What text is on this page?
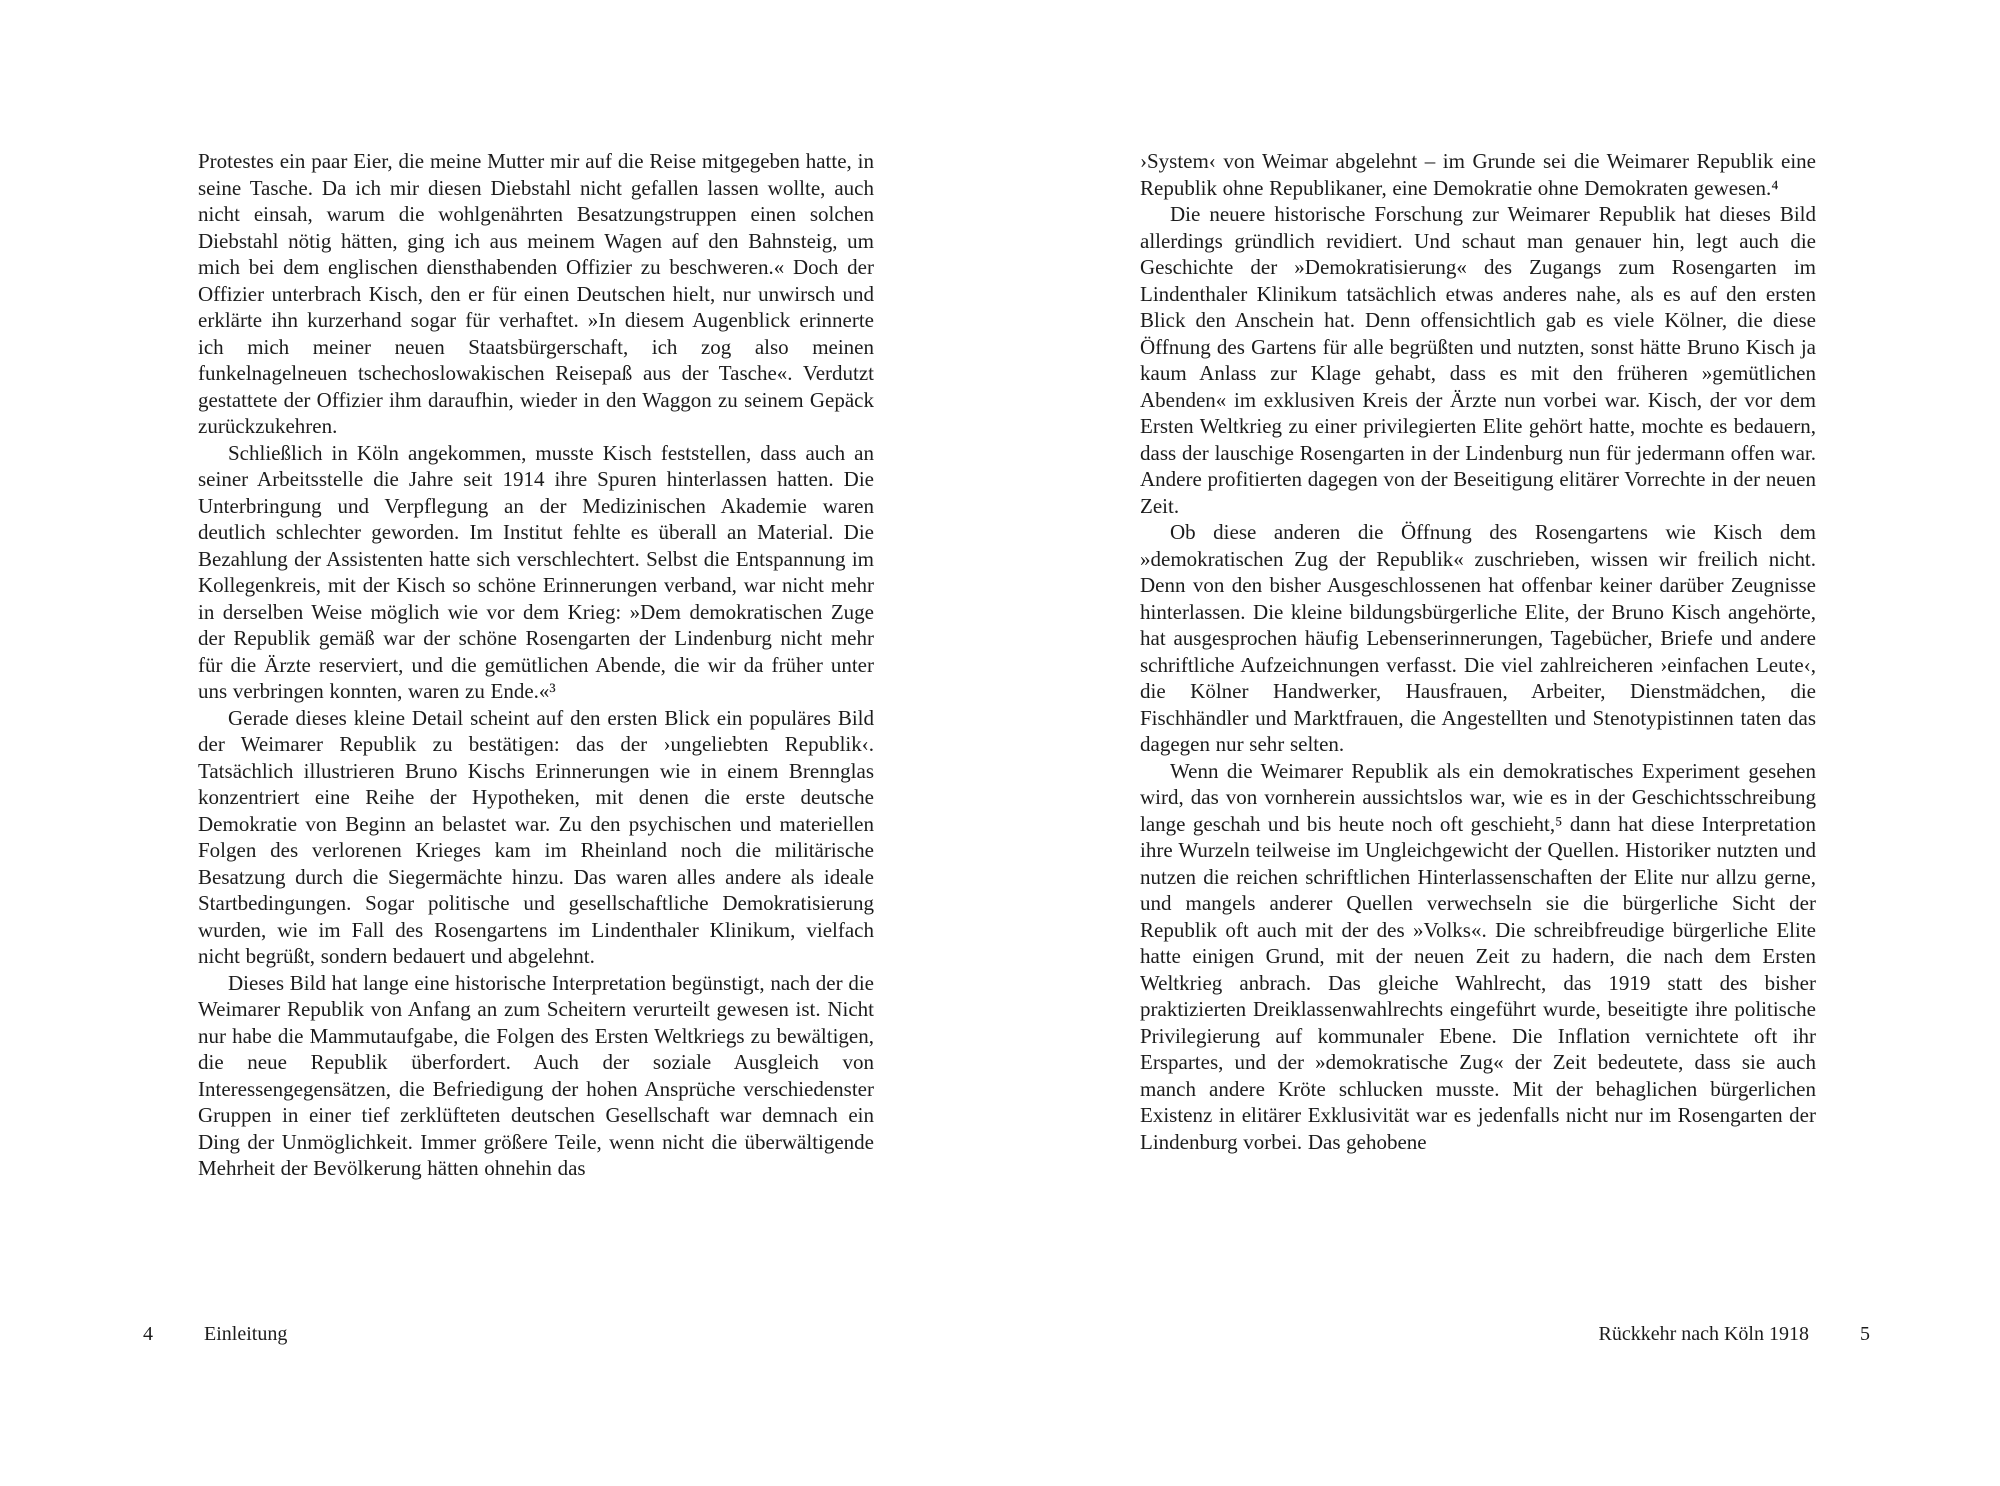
Protestes ein paar Eier, die meine Mutter mir auf die Reise mitgegeben hatte, in seine Tasche. Da ich mir diesen Diebstahl nicht gefallen lassen wollte, auch nicht einsah, warum die wohlgenährten Besatzungstruppen einen solchen Diebstahl nötig hätten, ging ich aus meinem Wagen auf den Bahnsteig, um mich bei dem englischen diensthabenden Offizier zu beschweren.« Doch der Offizier unterbrach Kisch, den er für einen Deutschen hielt, nur unwirsch und erklärte ihn kurzerhand sogar für verhaftet. »In diesem Augenblick erinnerte ich mich meiner neuen Staatsbürgerschaft, ich zog also meinen funkelnagelneuen tschechoslowakischen Reisepaß aus der Tasche«. Verdutzt gestattete der Offizier ihm daraufhin, wieder in den Waggon zu seinem Gepäck zurückzukehren.

Schließlich in Köln angekommen, musste Kisch feststellen, dass auch an seiner Arbeitsstelle die Jahre seit 1914 ihre Spuren hinterlassen hatten. Die Unterbringung und Verpflegung an der Medizinischen Akademie waren deutlich schlechter geworden. Im Institut fehlte es überall an Material. Die Bezahlung der Assistenten hatte sich verschlechtert. Selbst die Entspannung im Kollegenkreis, mit der Kisch so schöne Erinnerungen verband, war nicht mehr in derselben Weise möglich wie vor dem Krieg: »Dem demokratischen Zuge der Republik gemäß war der schöne Rosengarten der Lindenburg nicht mehr für die Ärzte reserviert, und die gemütlichen Abende, die wir da früher unter uns verbringen konnten, waren zu Ende.«³

Gerade dieses kleine Detail scheint auf den ersten Blick ein populäres Bild der Weimarer Republik zu bestätigen: das der ›ungeliebten Republik‹. Tatsächlich illustrieren Bruno Kischs Erinnerungen wie in einem Brennglas konzentriert eine Reihe der Hypotheken, mit denen die erste deutsche Demokratie von Beginn an belastet war. Zu den psychischen und materiellen Folgen des verlorenen Krieges kam im Rheinland noch die militärische Besatzung durch die Siegermächte hinzu. Das waren alles andere als ideale Startbedingungen. Sogar politische und gesellschaftliche Demokratisierung wurden, wie im Fall des Rosengartens im Lindenthaler Klinikum, vielfach nicht begrüßt, sondern bedauert und abgelehnt.

Dieses Bild hat lange eine historische Interpretation begünstigt, nach der die Weimarer Republik von Anfang an zum Scheitern verurteilt gewesen ist. Nicht nur habe die Mammutaufgabe, die Folgen des Ersten Weltkriegs zu bewältigen, die neue Republik überfordert. Auch der soziale Ausgleich von Interessengegensätzen, die Befriedigung der hohen Ansprüche verschiedenster Gruppen in einer tief zerklüfteten deutschen Gesellschaft war demnach ein Ding der Unmöglichkeit. Immer größere Teile, wenn nicht die überwältigende Mehrheit der Bevölkerung hätten ohnehin das

4	Einleitung

›System‹ von Weimar abgelehnt – im Grunde sei die Weimarer Republik eine Republik ohne Republikaner, eine Demokratie ohne Demokraten gewesen.⁴

Die neuere historische Forschung zur Weimarer Republik hat dieses Bild allerdings gründlich revidiert. Und schaut man genauer hin, legt auch die Geschichte der »Demokratisierung« des Zugangs zum Rosengarten im Lindenthaler Klinikum tatsächlich etwas anderes nahe, als es auf den ersten Blick den Anschein hat. Denn offensichtlich gab es viele Kölner, die diese Öffnung des Gartens für alle begrüßten und nutzten, sonst hätte Bruno Kisch ja kaum Anlass zur Klage gehabt, dass es mit den früheren »gemütlichen Abenden« im exklusiven Kreis der Ärzte nun vorbei war. Kisch, der vor dem Ersten Weltkrieg zu einer privilegierten Elite gehört hatte, mochte es bedauern, dass der lauschige Rosengarten in der Lindenburg nun für jedermann offen war. Andere profitierten dagegen von der Beseitigung elitärer Vorrechte in der neuen Zeit.

Ob diese anderen die Öffnung des Rosengartens wie Kisch dem »demokratischen Zug der Republik« zuschrieben, wissen wir freilich nicht. Denn von den bisher Ausgeschlossenen hat offenbar keiner darüber Zeugnisse hinterlassen. Die kleine bildungsbürgerliche Elite, der Bruno Kisch angehörte, hat ausgesprochen häufig Lebenserinnerungen, Tagebücher, Briefe und andere schriftliche Aufzeichnungen verfasst. Die viel zahlreicheren ›einfachen Leute‹, die Kölner Handwerker, Hausfrauen, Arbeiter, Dienstmädchen, die Fischhändler und Marktfrauen, die Angestellten und Stenotypistinnen taten das dagegen nur sehr selten.

Wenn die Weimarer Republik als ein demokratisches Experiment gesehen wird, das von vornherein aussichtslos war, wie es in der Geschichtsschreibung lange geschah und bis heute noch oft geschieht,⁵ dann hat diese Interpretation ihre Wurzeln teilweise im Ungleichgewicht der Quellen. Historiker nutzten und nutzen die reichen schriftlichen Hinterlassenschaften der Elite nur allzu gerne, und mangels anderer Quellen verwechseln sie die bürgerliche Sicht der Republik oft auch mit der des »Volks«. Die schreibfreudige bürgerliche Elite hatte einigen Grund, mit der neuen Zeit zu hadern, die nach dem Ersten Weltkrieg anbrach. Das gleiche Wahlrecht, das 1919 statt des bisher praktizierten Dreiklassenwahlrechts eingeführt wurde, beseitigte ihre politische Privilegierung auf kommunaler Ebene. Die Inflation vernichtete oft ihr Erspartes, und der »demokratische Zug« der Zeit bedeutete, dass sie auch manch andere Kröte schlucken musste. Mit der behaglichen bürgerlichen Existenz in elitärer Exklusivität war es jedenfalls nicht nur im Rosengarten der Lindenburg vorbei. Das gehobene

Rückkehr nach Köln 1918	5
